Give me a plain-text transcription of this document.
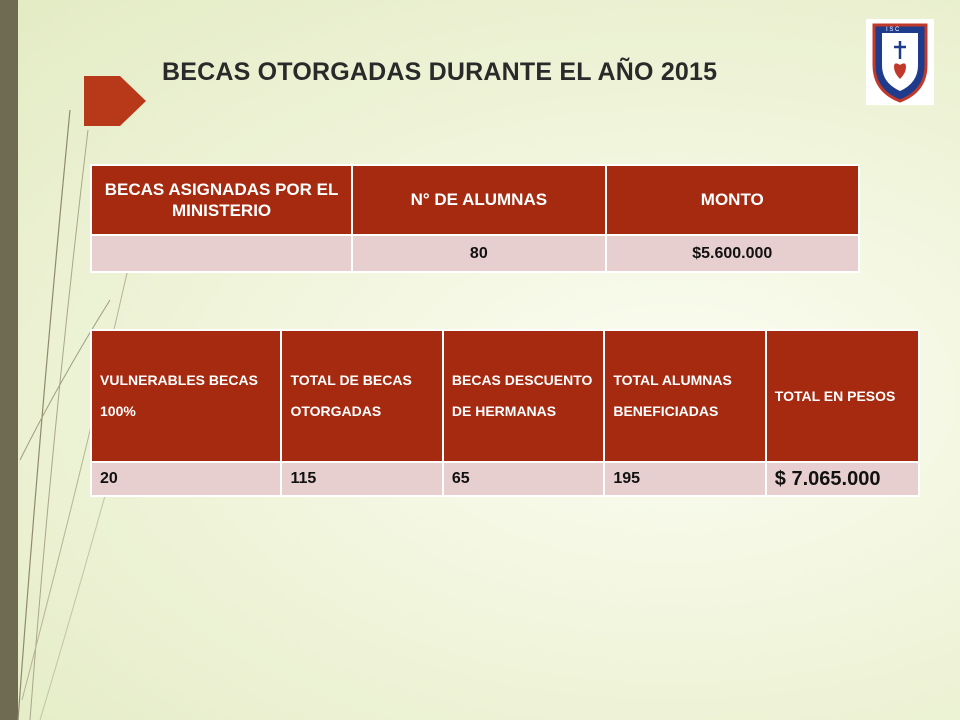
BECAS OTORGADAS DURANTE EL AÑO 2015
I S C
BECAS ASIGNADAS POR EL MINISTERIO	N° DE ALUMNAS	MONTO
	80	$5.600.000
VULNERABLES BECAS 100%	TOTAL DE BECAS OTORGADAS	BECAS DESCUENTO DE HERMANAS	TOTAL ALUMNAS BENEFICIADAS	TOTAL EN PESOS
20	115	65	195	$ 7.065.000
